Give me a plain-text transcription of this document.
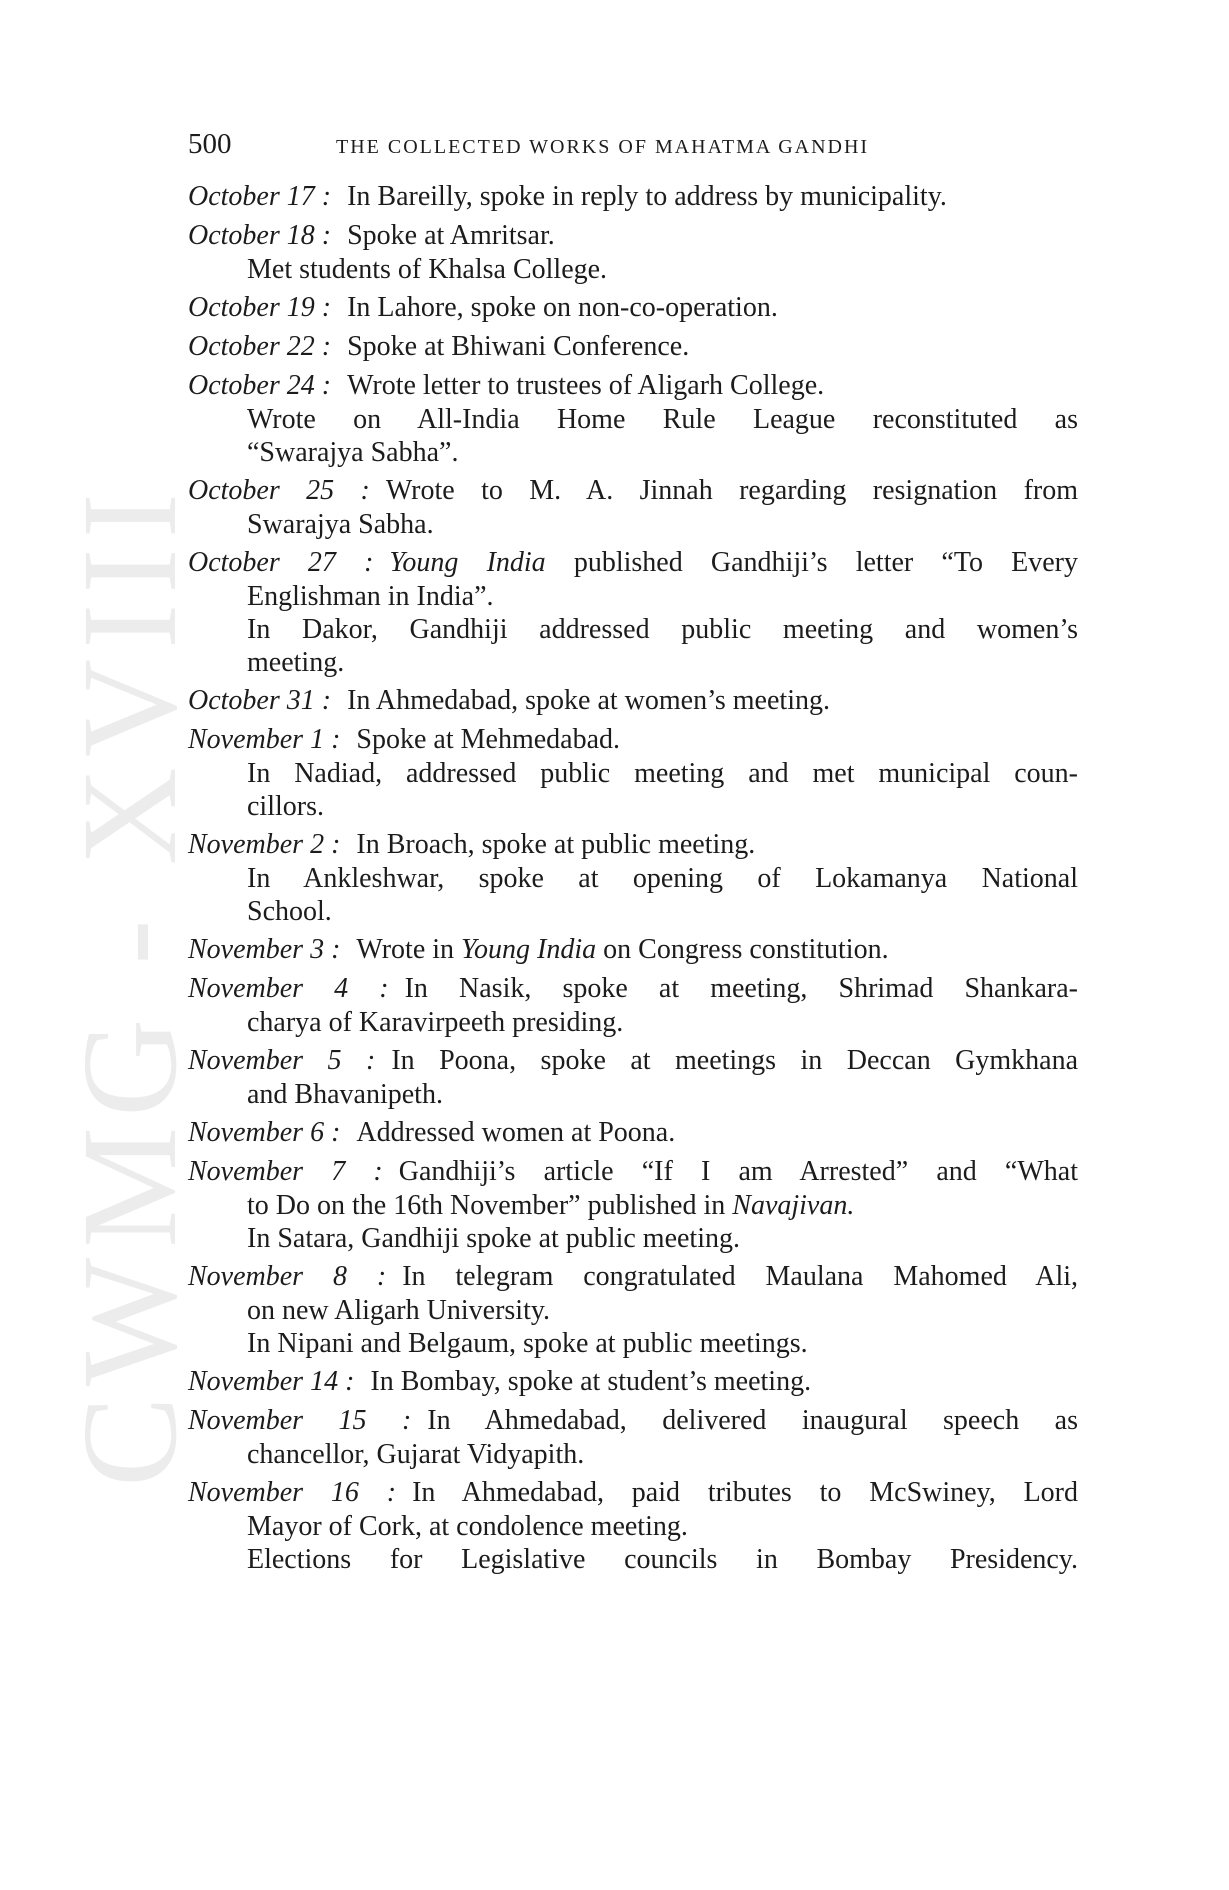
CWMG - XVIII
500	THE COLLECTED WORKS OF MAHATMA GANDHI
October 17 : In Bareilly, spoke in reply to address by municipality.
October 18 : Spoke at Amritsar.
Met students of Khalsa College.
October 19 : In Lahore, spoke on non-co-operation.
October 22 : Spoke at Bhiwani Conference.
October 24 : Wrote letter to trustees of Aligarh College.
Wrote on All-India Home Rule League reconstituted as
“Swarajya Sabha”.
October 25 : Wrote to M. A. Jinnah regarding resignation from
Swarajya Sabha.
October 27 : Young India published Gandhiji’s letter “To Every
Englishman in India”.
In Dakor, Gandhiji addressed public meeting and women’s
meeting.
October 31 : In Ahmedabad, spoke at women’s meeting.
November 1 : Spoke at Mehmedabad.
In Nadiad, addressed public meeting and met municipal coun-
cillors.
November 2 : In Broach, spoke at public meeting.
In Ankleshwar, spoke at opening of Lokamanya National
School.
November 3 : Wrote in Young India on Congress constitution.
November 4 : In Nasik, spoke at meeting, Shrimad Shankara-
charya of Karavirpeeth presiding.
November 5 : In Poona, spoke at meetings in Deccan Gymkhana
and Bhavanipeth.
November 6 : Addressed women at Poona.
November 7 : Gandhiji’s article “If I am Arrested” and “What
to Do on the 16th November” published in Navajivan.
In Satara, Gandhiji spoke at public meeting.
November 8 : In telegram congratulated Maulana Mahomed Ali,
on new Aligarh University.
In Nipani and Belgaum, spoke at public meetings.
November 14 : In Bombay, spoke at student’s meeting.
November 15 : In Ahmedabad, delivered inaugural speech as
chancellor, Gujarat Vidyapith.
November 16 : In Ahmedabad, paid tributes to McSwiney, Lord
Mayor of Cork, at condolence meeting.
Elections for Legislative councils in Bombay Presidency.
